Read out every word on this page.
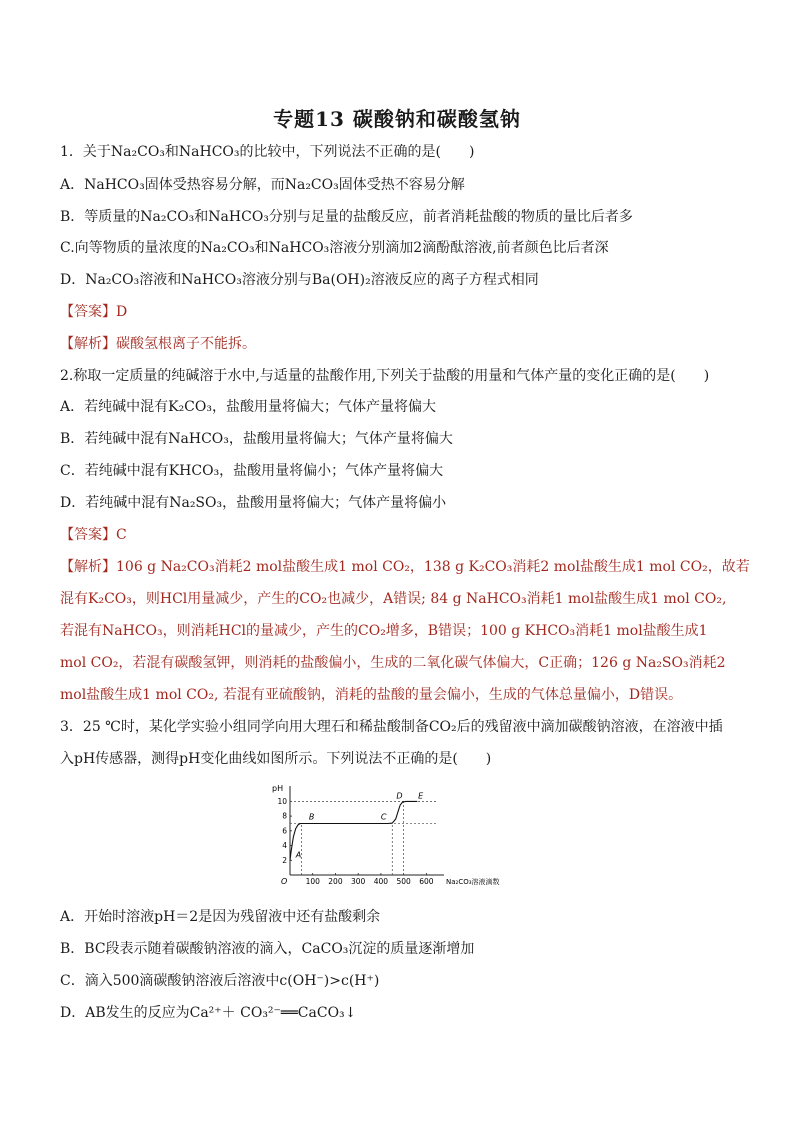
专题13 碳酸钠和碳酸氢钠
1．关于Na₂CO₃和NaHCO₃的比较中，下列说法不正确的是(　　)
A．NaHCO₃固体受热容易分解，而Na₂CO₃固体受热不容易分解
B．等质量的Na₂CO₃和NaHCO₃分别与足量的盐酸反应，前者消耗盐酸的物质的量比后者多
C.向等物质的量浓度的Na₂CO₃和NaHCO₃溶液分别滴加2滴酚酞溶液,前者颜色比后者深
D．Na₂CO₃溶液和NaHCO₃溶液分别与Ba(OH)₂溶液反应的离子方程式相同
【答案】D
【解析】碳酸氢根离子不能拆。
2.称取一定质量的纯碱溶于水中,与适量的盐酸作用,下列关于盐酸的用量和气体产量的变化正确的是(　　)
A．若纯碱中混有K₂CO₃，盐酸用量将偏大；气体产量将偏大
B．若纯碱中混有NaHCO₃，盐酸用量将偏大；气体产量将偏大
C．若纯碱中混有KHCO₃，盐酸用量将偏小；气体产量将偏大
D．若纯碱中混有Na₂SO₃，盐酸用量将偏大；气体产量将偏小
【答案】C
【解析】106 g Na₂CO₃消耗2 mol盐酸生成1 mol CO₂，138 g K₂CO₃消耗2 mol盐酸生成1 mol CO₂，故若
混有K₂CO₃，则HCl用量减少，产生的CO₂也减少，A错误; 84 g NaHCO₃消耗1 mol盐酸生成1 mol CO₂,
若混有NaHCO₃，则消耗HCl的量减少，产生的CO₂增多，B错误；100 g KHCO₃消耗1 mol盐酸生成1
mol CO₂，若混有碳酸氢钾，则消耗的盐酸偏小，生成的二氧化碳气体偏大，C正确；126 g Na₂SO₃消耗2
mol盐酸生成1 mol CO₂, 若混有亚硫酸钠，消耗的盐酸的量会偏小，生成的气体总量偏小，D错误。
3．25 ℃时，某化学实验小组同学向用大理石和稀盐酸制备CO₂后的残留液中滴加碳酸钠溶液，在溶液中插
入pH传感器，测得pH变化曲线如图所示。下列说法不正确的是(　　)
pH
O	Na₂CO₃溶液滴数
100 200 300 400 500 600
2
4
6
8
10
A
B	C
D E
A．开始时溶液pH＝2是因为残留液中还有盐酸剩余
B．BC段表示随着碳酸钠溶液的滴入，CaCO₃沉淀的质量逐渐增加
C．滴入500滴碳酸钠溶液后溶液中c(OH⁻)>c(H⁺)
D．AB发生的反应为Ca²⁺＋ CO₃²⁻══CaCO₃↓
